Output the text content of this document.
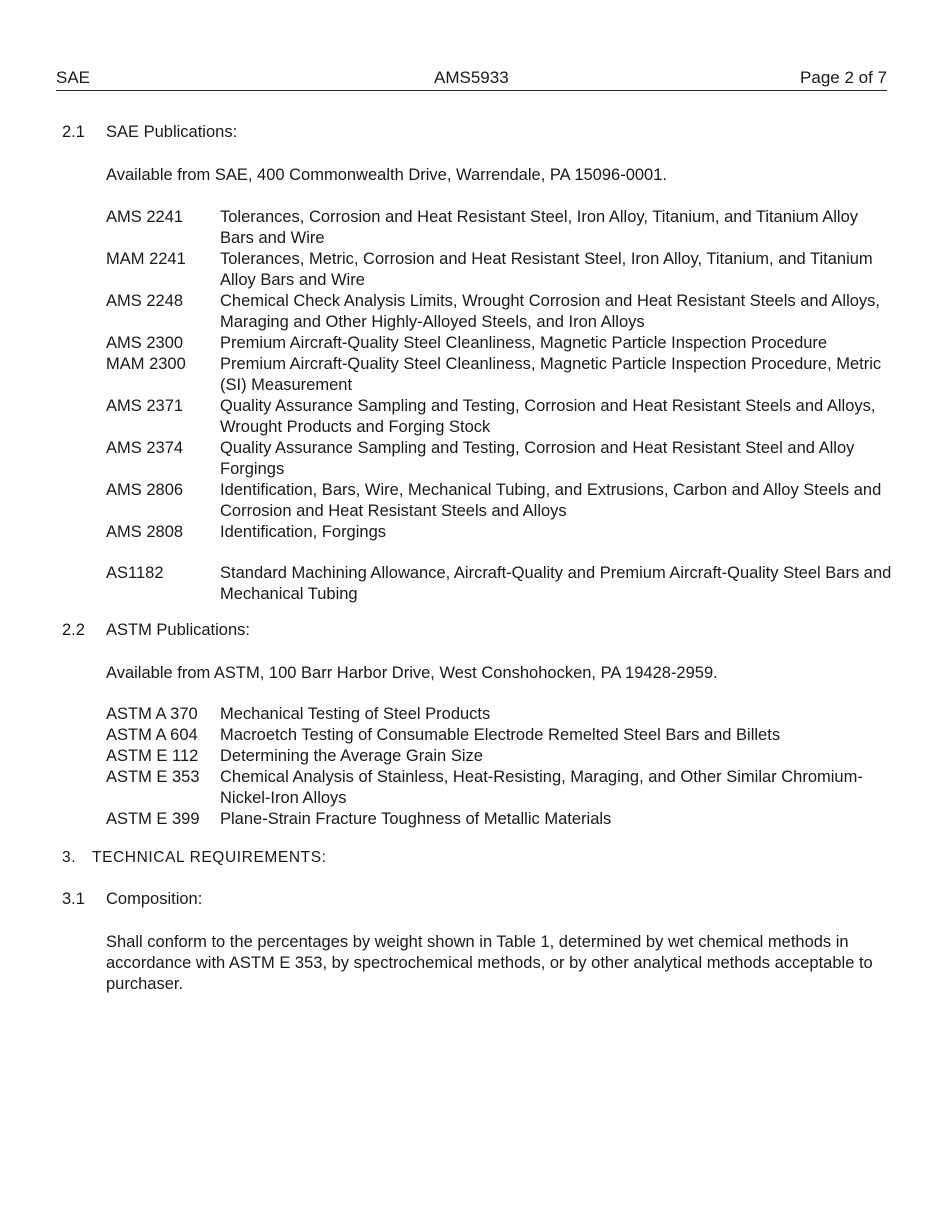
SAE	AMS5933	Page 2 of 7
2.1 SAE Publications:
Available from SAE, 400 Commonwealth Drive, Warrendale, PA 15096-0001.
AMS 2241	Tolerances, Corrosion and Heat Resistant Steel, Iron Alloy, Titanium, and Titanium Alloy Bars and Wire
MAM 2241	Tolerances, Metric, Corrosion and Heat Resistant Steel, Iron Alloy, Titanium, and Titanium Alloy Bars and Wire
AMS 2248	Chemical Check Analysis Limits, Wrought Corrosion and Heat Resistant Steels and Alloys, Maraging and Other Highly-Alloyed Steels, and Iron Alloys
AMS 2300	Premium Aircraft-Quality Steel Cleanliness, Magnetic Particle Inspection Procedure
MAM 2300	Premium Aircraft-Quality Steel Cleanliness, Magnetic Particle Inspection Procedure, Metric (SI) Measurement
AMS 2371	Quality Assurance Sampling and Testing, Corrosion and Heat Resistant Steels and Alloys, Wrought Products and Forging Stock
AMS 2374	Quality Assurance Sampling and Testing, Corrosion and Heat Resistant Steel and Alloy Forgings
AMS 2806	Identification, Bars, Wire, Mechanical Tubing, and Extrusions, Carbon and Alloy Steels and Corrosion and Heat Resistant Steels and Alloys
AMS 2808	Identification, Forgings
AS1182	Standard Machining Allowance, Aircraft-Quality and Premium Aircraft-Quality Steel Bars and Mechanical Tubing
2.2 ASTM Publications:
Available from ASTM, 100 Barr Harbor Drive, West Conshohocken, PA 19428-2959.
ASTM A 370	Mechanical Testing of Steel Products
ASTM A 604	Macroetch Testing of Consumable Electrode Remelted Steel Bars and Billets
ASTM E 112	Determining the Average Grain Size
ASTM E 353	Chemical Analysis of Stainless, Heat-Resisting, Maraging, and Other Similar Chromium-Nickel-Iron Alloys
ASTM E 399	Plane-Strain Fracture Toughness of Metallic Materials
3. TECHNICAL REQUIREMENTS:
3.1 Composition:
Shall conform to the percentages by weight shown in Table 1, determined by wet chemical methods in accordance with ASTM E 353, by spectrochemical methods, or by other analytical methods acceptable to purchaser.
